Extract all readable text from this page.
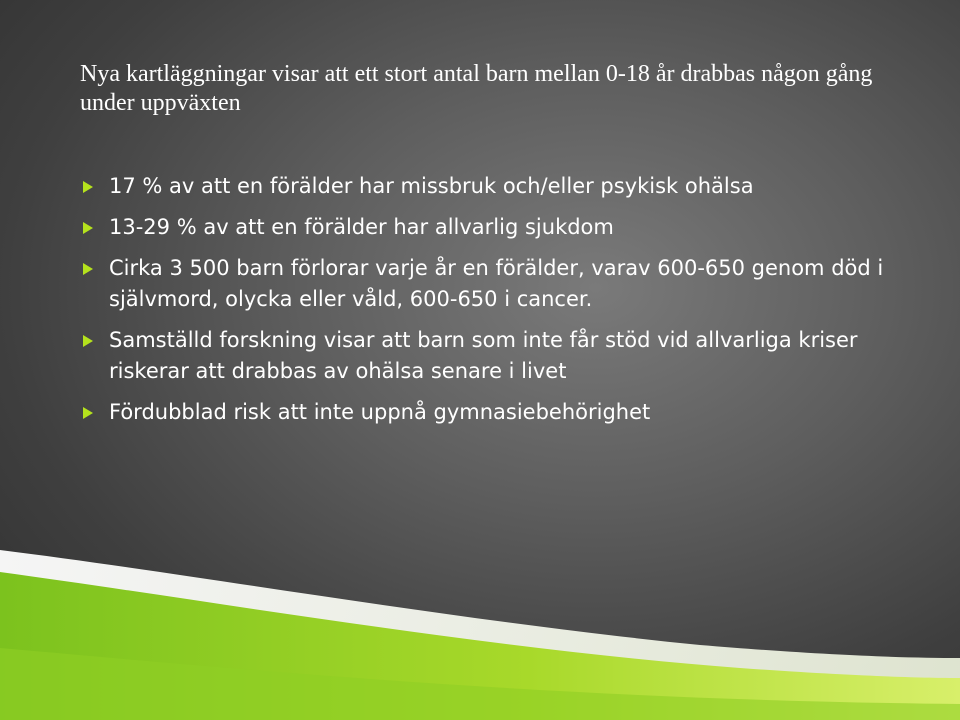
Nya kartläggningar visar att ett stort antal barn mellan 0-18 år drabbas någon gång under uppväxten
17 % av att en förälder har missbruk och/eller psykisk ohälsa
13-29 % av att en förälder har allvarlig sjukdom
Cirka 3 500 barn förlorar varje år en förälder, varav 600-650 genom död i självmord, olycka eller våld, 600-650 i cancer.
Samställd forskning visar att barn som inte får stöd vid allvarliga kriser riskerar att drabbas av ohälsa senare i livet
Fördubblad risk att inte uppnå gymnasiebehörighet
